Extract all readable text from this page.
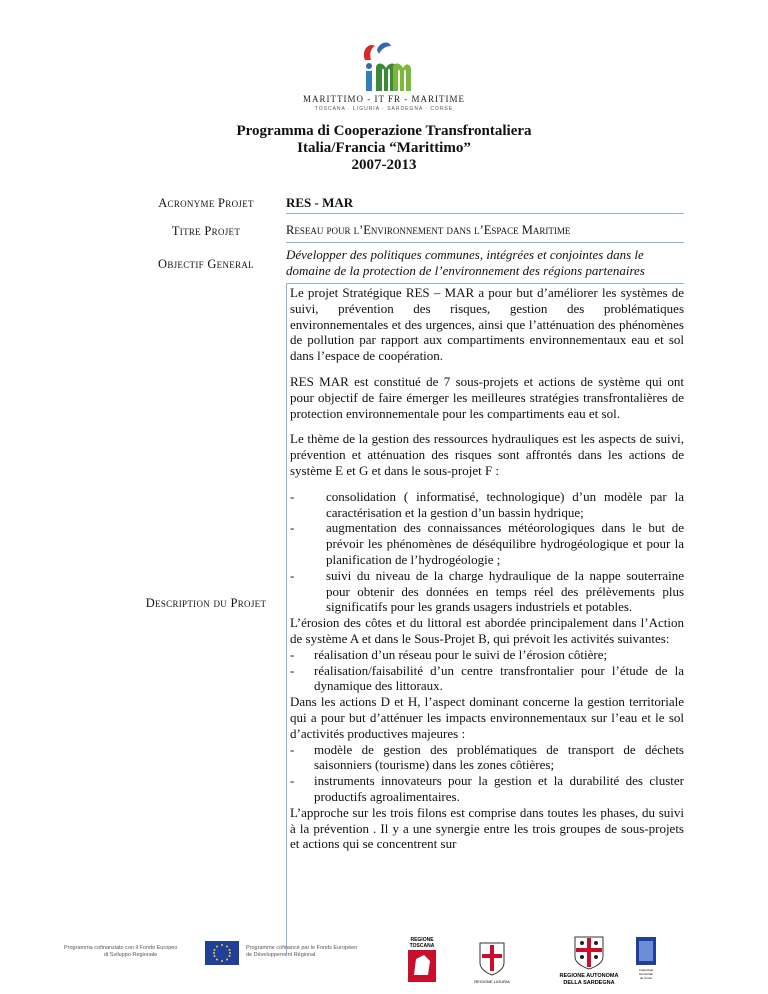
MARITTIMO - IT FR - MARITIME
TOSCANA · LIGURIA · SARDEGNA · CORSE
Programma di Cooperazione Transfrontaliera
Italia/Francia “Marittimo”
2007-2013
Acronyme Projet	RES - MAR
Titre Projet	Reseau pour l’Environnement dans l’Espace Maritime
Objectif General
Développer des politiques communes, intégrées et conjointes dans le domaine de la protection de l’environnement des régions partenaires
Description du Projet

Le projet Stratégique RES – MAR a pour but d’améliorer les systèmes de suivi, prévention des risques, gestion des problématiques environnementales et des urgences, ainsi que l’atténuation des phénomènes de pollution par rapport aux compartiments environnementaux eau et sol dans l’espace de coopération.

RES MAR est constitué de 7 sous-projets et actions de système qui ont pour objectif de faire émerger les meilleures stratégies transfrontalières de protection environnementale pour les compartiments eau et sol.

Le thème de la gestion des ressources hydrauliques est les aspects de suivi, prévention et atténuation des risques sont affrontés dans les actions de système E et G et dans le sous-projet F :

- consolidation ( informatisé, technologique) d’un modèle par la caractérisation et la gestion d’un bassin hydrique;
- augmentation des connaissances météorologiques dans le but de prévoir les phénomènes de déséquilibre hydrogéologique et pour la planification de l’hydrogéologie ;
- suivi du niveau de la charge hydraulique de la nappe souterraine pour obtenir des données en temps réel des prélèvements plus significatifs pour les grands usagers industriels et potables.
L’érosion des côtes et du littoral est abordée principalement dans l’Action de système A et dans le Sous-Projet B, qui prévoit les activités suivantes:
- réalisation d’un réseau pour le suivi de l’érosion côtière;
- réalisation/faisabilité d’un centre transfrontalier pour l’étude de la dynamique des littoraux.
Dans les actions D et H, l’aspect dominant concerne la gestion territoriale qui a pour but d’atténuer les impacts environnementaux sur l’eau et le sol d’activités productives majeures :
- modèle de gestion des problématiques de transport de déchets saisonniers (tourisme) dans les zones côtières;
- instruments innovateurs pour la gestion et la durabilité des cluster productifs agroalimentaires.
L’approche sur les trois filons est comprise dans toutes les phases, du suivi à la prévention . Il y a une synergie entre les trois groupes de sous-projets et actions qui se concentrent sur
Programma cofinanziato con il Fondo Europeo
di Sviluppo Regionale
Programme cofinancé par le Fonds Européen
de Développement Régional
REGIONE
TOSCANA
REGIONE LIGURIA
REGIONE AUTONOMA
DELLA SARDEGNA
Collectivité
Territoriale
de Corse
